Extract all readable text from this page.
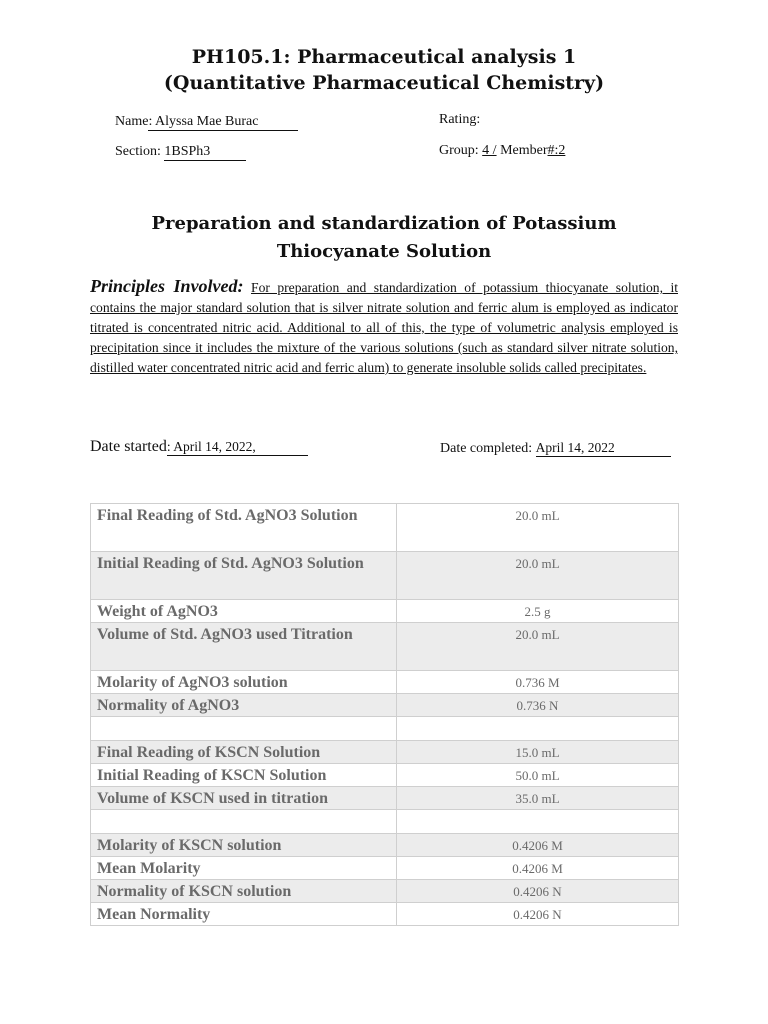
PH105.1: Pharmaceutical analysis 1
(Quantitative Pharmaceutical Chemistry)
Name: Alyssa Mae Burac	Rating:
Section: 1BSPh3	Group: 4 / Member#:2
Preparation and standardization of Potassium
Thiocyanate Solution
Principles Involved: For preparation and standardization of potassium thiocyanate solution, it contains the major standard solution that is silver nitrate solution and ferric alum is employed as indicator titrated is concentrated nitric acid. Additional to all of this, the type of volumetric analysis employed is precipitation since it includes the mixture of the various solutions (such as standard silver nitrate solution, distilled water concentrated nitric acid and ferric alum) to generate insoluble solids called precipitates.
Date started: April 14, 2022,	Date completed: April 14, 2022
Final Reading of Std. AgNO3 Solution	20.0 mL
Initial Reading of Std. AgNO3 Solution	20.0 mL
Weight of AgNO3	2.5 g
Volume of Std. AgNO3 used Titration	20.0 mL
Molarity of AgNO3 solution	0.736 M
Normality of AgNO3	0.736 N

Final Reading of KSCN Solution	15.0 mL
Initial Reading of KSCN Solution	50.0 mL
Volume of KSCN used in titration	35.0 mL

Molarity of KSCN solution	0.4206 M
Mean Molarity	0.4206 M
Normality of KSCN solution	0.4206 N
Mean Normality	0.4206 N
